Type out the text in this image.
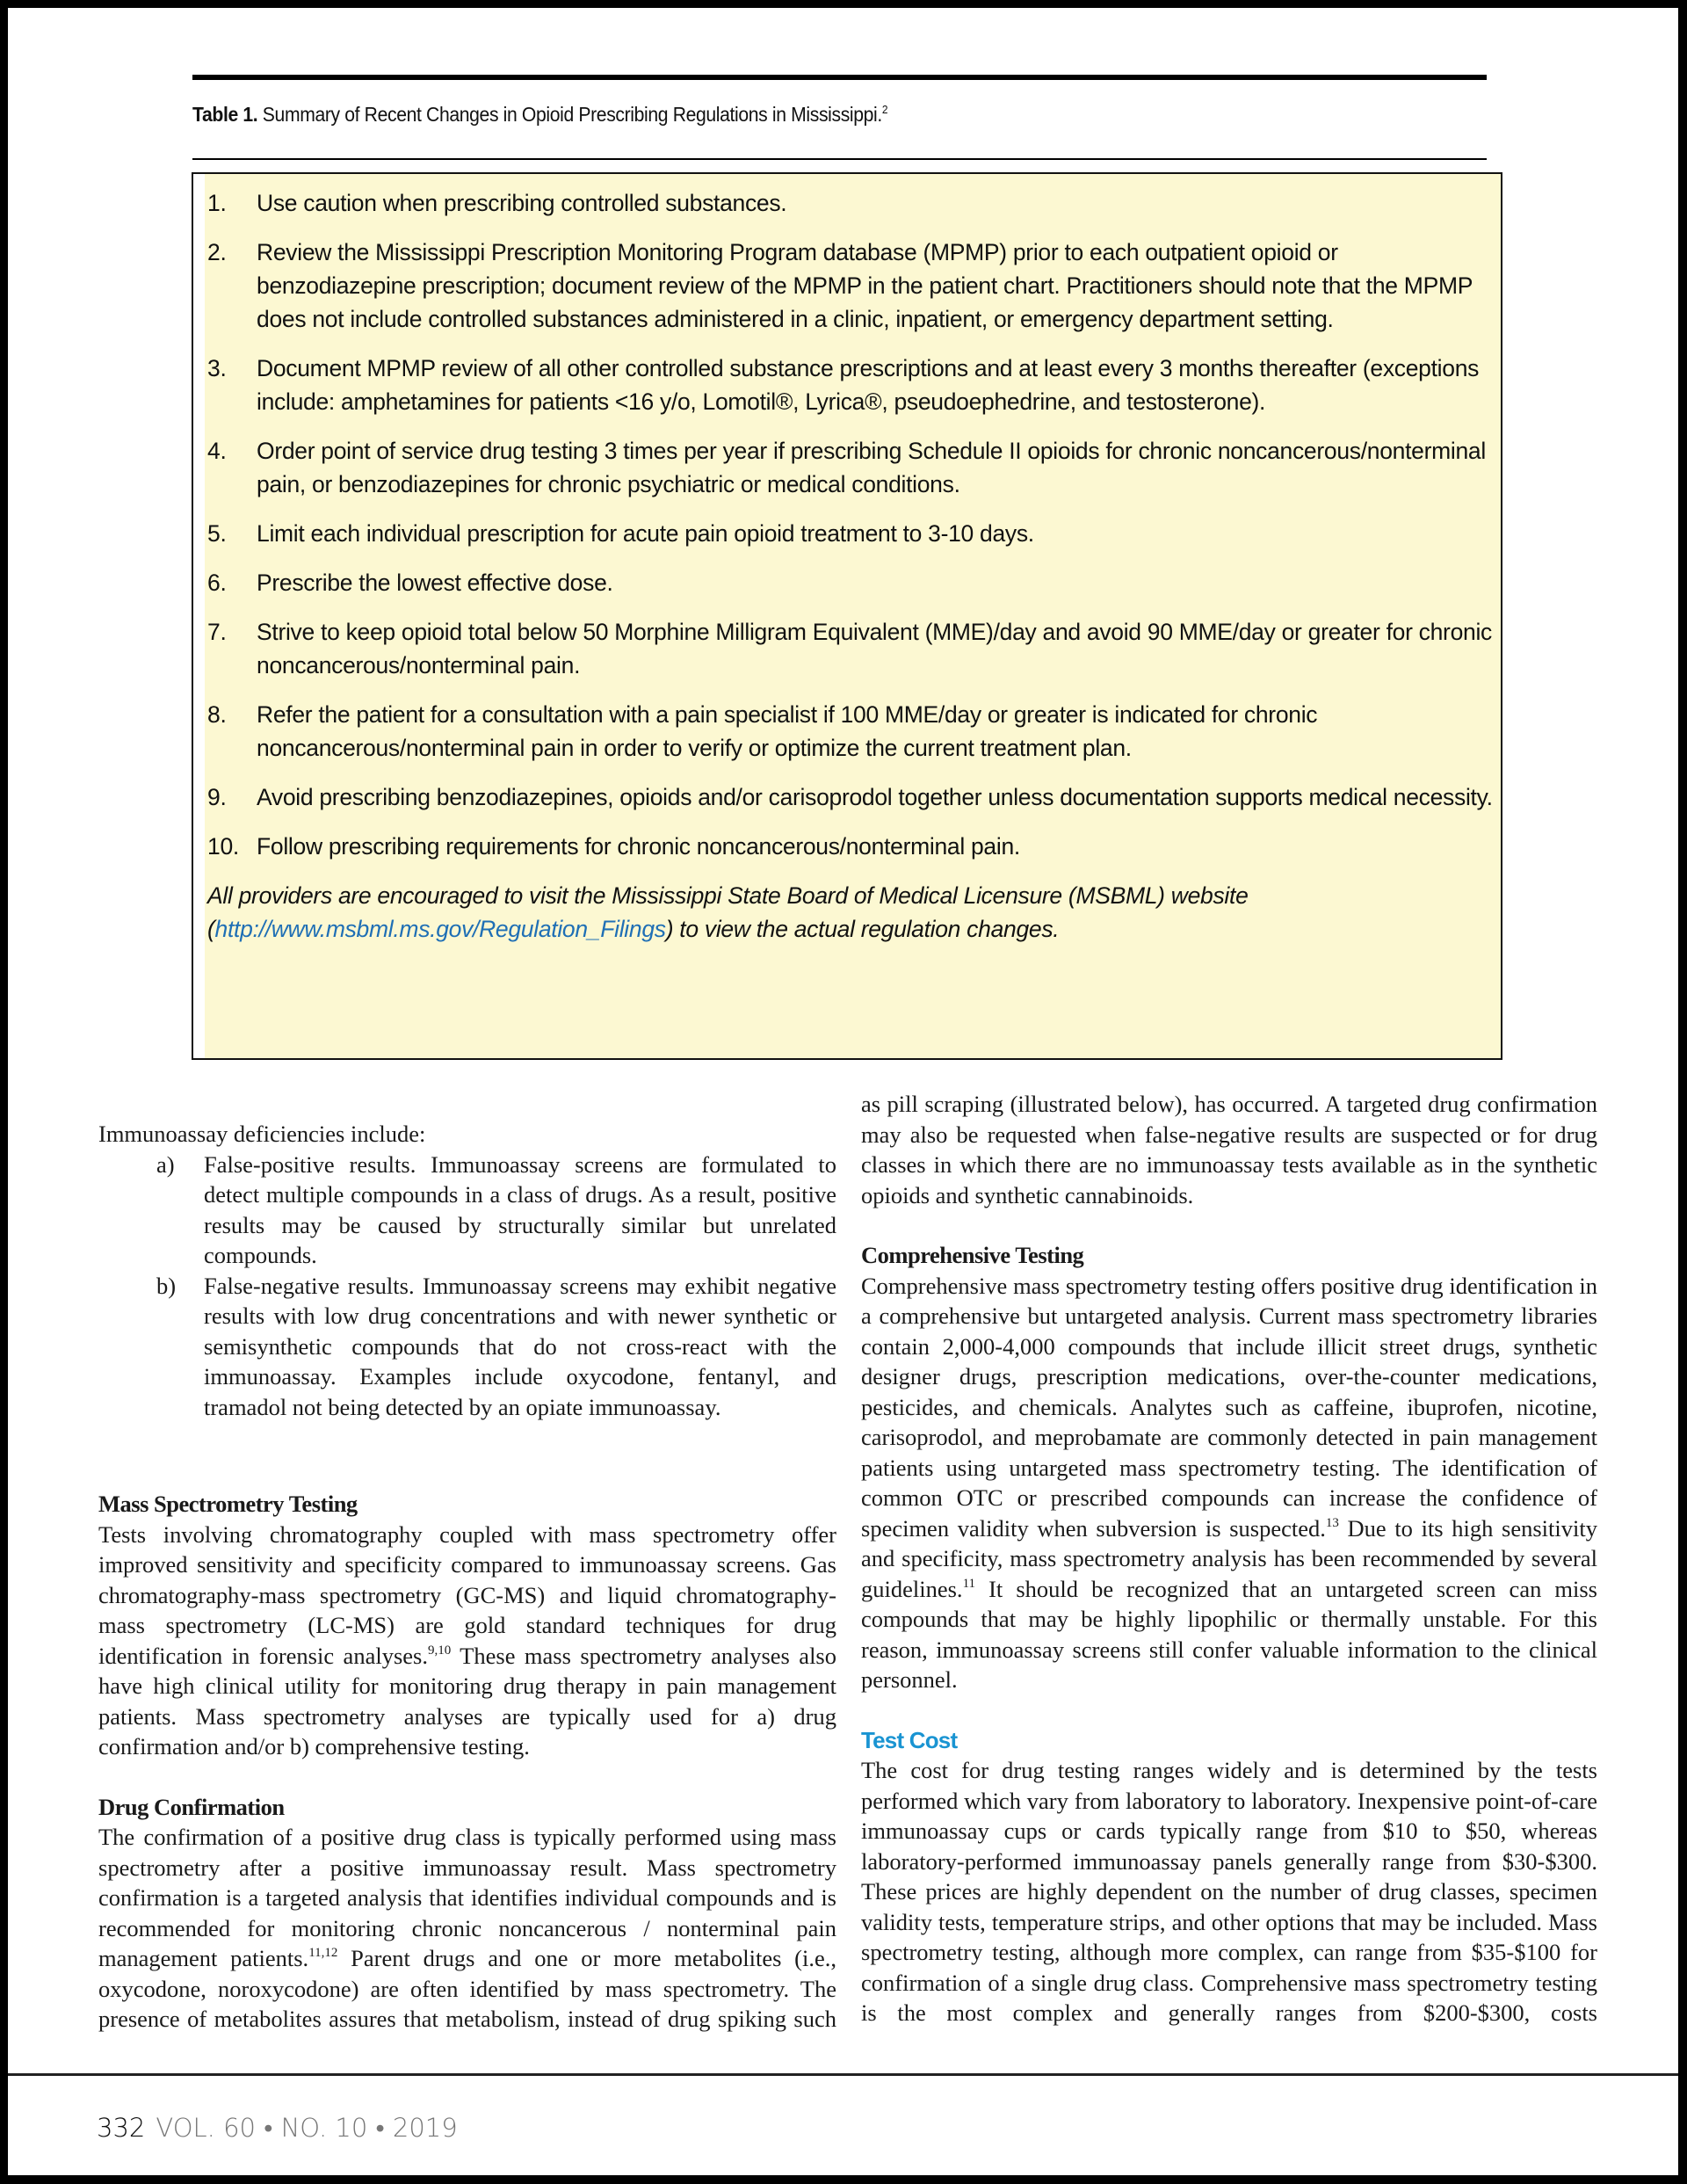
Table 1. Summary of Recent Changes in Opioid Prescribing Regulations in Mississippi.$^2$
1. Use caution when prescribing controlled substances.
2. Review the Mississippi Prescription Monitoring Program database (MPMP) prior to each outpatient opioid or benzodiazepine prescription; document review of the MPMP in the patient chart. Practitioners should note that the MPMP does not include controlled substances administered in a clinic, inpatient, or emergency department setting.
3. Document MPMP review of all other controlled substance prescriptions and at least every 3 months thereafter (exceptions include: amphetamines for patients <16 y/o, Lomotil®, Lyrica®, pseudoephedrine, and testosterone).
4. Order point of service drug testing 3 times per year if prescribing Schedule II opioids for chronic noncancerous/nonterminal pain, or benzodiazepines for chronic psychiatric or medical conditions.
5. Limit each individual prescription for acute pain opioid treatment to 3-10 days.
6. Prescribe the lowest effective dose.
7. Strive to keep opioid total below 50 Morphine Milligram Equivalent (MME)/day and avoid 90 MME/day or greater for chronic noncancerous/nonterminal pain.
8. Refer the patient for a consultation with a pain specialist if 100 MME/day or greater is indicated for chronic noncancerous/nonterminal pain in order to verify or optimize the current treatment plan.
9. Avoid prescribing benzodiazepines, opioids and/or carisoprodol together unless documentation supports medical necessity.
10. Follow prescribing requirements for chronic noncancerous/nonterminal pain.
All providers are encouraged to visit the Mississippi State Board of Medical Licensure (MSBML) website (http://www.msbml.ms.gov/Regulation_Filings) to view the actual regulation changes.

Immunoassay deficiencies include:

a) False-positive results. Immunoassay screens are formulated to detect multiple compounds in a class of drugs. As a result, positive results may be caused by structurally similar but unrelated compounds.
b) False-negative results. Immunoassay screens may exhibit negative results with low drug concentrations and with newer synthetic or semisynthetic compounds that do not cross-react with the immunoassay. Examples include oxycodone, fentanyl, and tramadol not being detected by an opiate immunoassay.
Mass Spectrometry Testing

Tests involving chromatography coupled with mass spectrometry offer improved sensitivity and specificity compared to immunoassay screens. Gas chromatography-mass spectrometry (GC-MS) and liquid chromatography-mass spectrometry (LC-MS) are gold standard techniques for drug identification in forensic analyses.$^{9,10}$ These mass spectrometry analyses also have high clinical utility for monitoring drug therapy in pain management patients. Mass spectrometry analyses are typically used for a) drug confirmation and/or b) comprehensive testing.

Drug Confirmation

The confirmation of a positive drug class is typically performed using mass spectrometry after a positive immunoassay result. Mass spectrometry confirmation is a targeted analysis that identifies individual compounds and is recommended for monitoring chronic noncancerous / nonterminal pain management patients.$^{11,12}$ Parent drugs and one or more metabolites (i.e., oxycodone, noroxycodone) are often identified by mass spectrometry. The presence of metabolites assures that metabolism, instead of drug spiking such

as pill scraping (illustrated below), has occurred. A targeted drug confirmation may also be requested when false-negative results are suspected or for drug classes in which there are no immunoassay tests available as in the synthetic opioids and synthetic cannabinoids.

Comprehensive Testing

Comprehensive mass spectrometry testing offers positive drug identification in a comprehensive but untargeted analysis. Current mass spectrometry libraries contain 2,000-4,000 compounds that include illicit street drugs, synthetic designer drugs, prescription medications, over-the-counter medications, pesticides, and chemicals. Analytes such as caffeine, ibuprofen, nicotine, carisoprodol, and meprobamate are commonly detected in pain management patients using untargeted mass spectrometry testing. The identification of common OTC or prescribed compounds can increase the confidence of specimen validity when subversion is suspected.$^{13}$ Due to its high sensitivity and specificity, mass spectrometry analysis has been recommended by several guidelines.$^{11}$ It should be recognized that an untargeted screen can miss compounds that may be highly lipophilic or thermally unstable. For this reason, immunoassay screens still confer valuable information to the clinical personnel.

Test Cost

The cost for drug testing ranges widely and is determined by the tests performed which vary from laboratory to laboratory. Inexpensive point-of-care immunoassay cups or cards typically range from $10 to $50, whereas laboratory-performed immunoassay panels generally range from $30-$300. These prices are highly dependent on the number of drug classes, specimen validity tests, temperature strips, and other options that may be included. Mass spectrometry testing, although more complex, can range from $35-$100 for confirmation of a single drug class. Comprehensive mass spectrometry testing is the most complex and generally ranges from $200-$300, costs

332 VOL. 60 • NO. 10 • 2019
